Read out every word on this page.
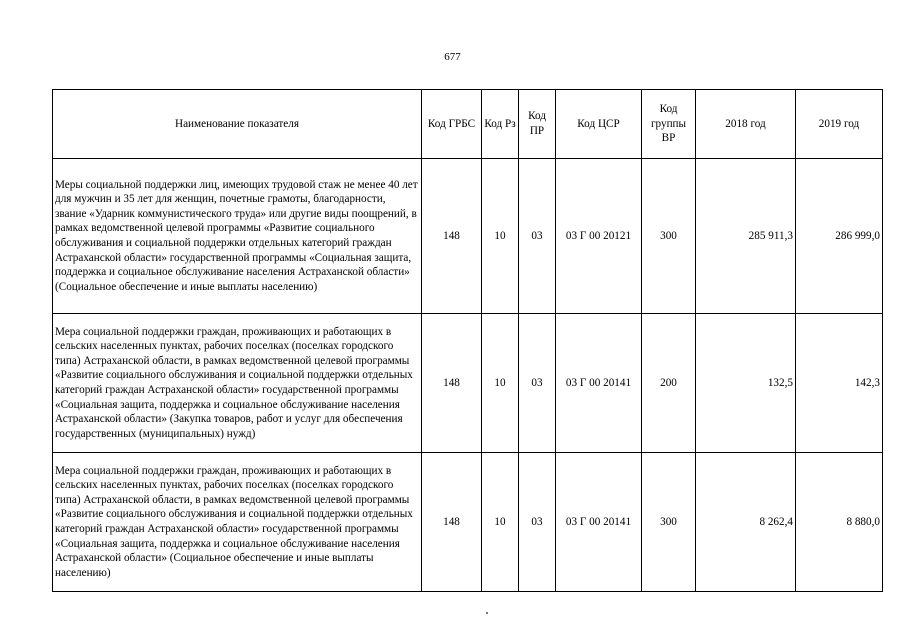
677
Наименование показателя	Код ГРБС	Код Рз	Код ПР	Код ЦСР	Код группы ВР	2018 год	2019 год
Меры социальной поддержки лиц, имеющих трудовой стаж не менее 40 лет для мужчин и 35 лет для женщин, почетные грамоты, благодарности, звание «Ударник коммунистического труда» или другие виды поощрений, в рамках ведомственной целевой программы «Развитие социального обслуживания и социальной поддержки отдельных категорий граждан Астраханской области» государственной программы «Социальная защита, поддержка и социальное обслуживание населения Астраханской области» (Социальное обеспечение и иные выплаты населению)	148	10	03	03 Г 00 20121	300	285 911,3	286 999,0
Мера социальной поддержки граждан, проживающих и работающих в сельских населенных пунктах, рабочих поселках (поселках городского типа) Астраханской области, в рамках ведомственной целевой программы «Развитие социального обслуживания и социальной поддержки отдельных категорий граждан Астраханской области» государственной программы «Социальная защита, поддержка и социальное обслуживание населения Астраханской области» (Закупка товаров, работ и услуг для обеспечения государственных (муниципальных) нужд)	148	10	03	03 Г 00 20141	200	132,5	142,3
Мера социальной поддержки граждан, проживающих и работающих в сельских населенных пунктах, рабочих поселках (поселках городского типа) Астраханской области, в рамках ведомственной целевой программы «Развитие социального обслуживания и социальной поддержки отдельных категорий граждан Астраханской области» государственной программы «Социальная защита, поддержка и социальное обслуживание населения Астраханской области» (Социальное обеспечение и иные выплаты населению)	148	10	03	03 Г 00 20141	300	8 262,4	8 880,0
